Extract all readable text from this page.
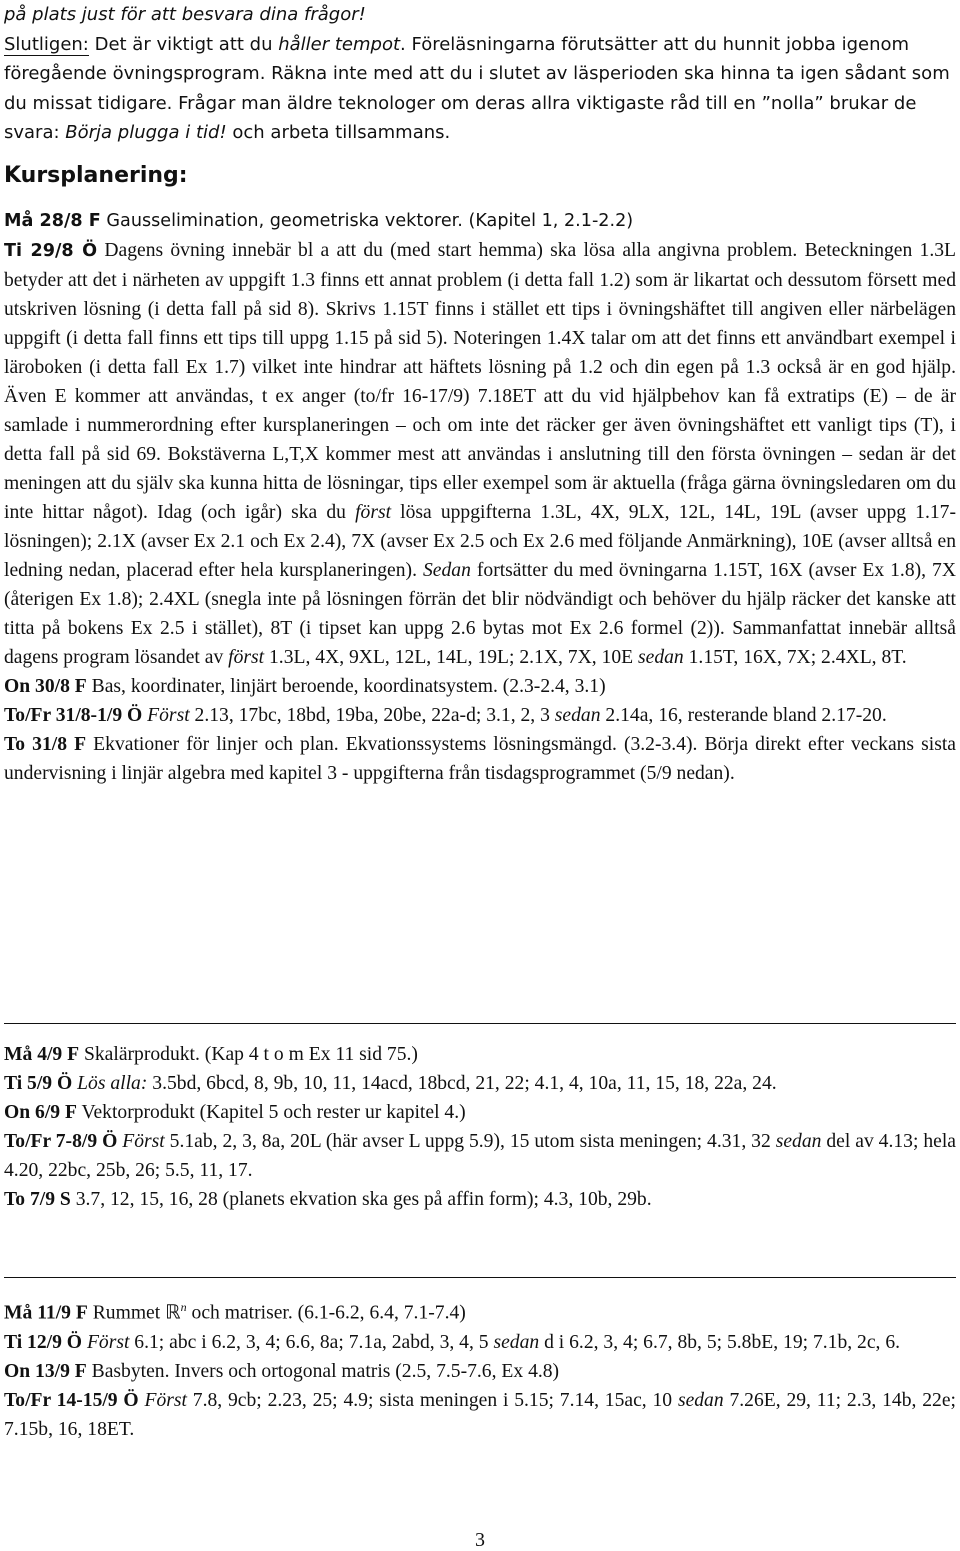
på plats just för att besvara dina frågor!

Slutligen: Det är viktigt att du håller tempot. Föreläsningarna förutsätter att du hunnit jobba igenom föregående övningsprogram. Räkna inte med att du i slutet av läsperioden ska hinna ta igen sådant som du missat tidigare. Frågar man äldre teknologer om deras allra viktigaste råd till en ”nolla” brukar de svara: Börja plugga i tid! och arbeta tillsammans.

Kursplanering:

Må 28/8 F Gausselimination, geometriska vektorer. (Kapitel 1, 2.1-2.2)

Ti 29/8 Ö Dagens övning innebär bl a att du (med start hemma) ska lösa alla angivna problem. Beteckningen 1.3L betyder att det i närheten av uppgift 1.3 finns ett annat problem (i detta fall 1.2) som är likartat och dessutom försett med utskriven lösning (i detta fall på sid 8). Skrivs 1.15T finns i stället ett tips i övningshäftet till angiven eller närbelägen uppgift (i detta fall finns ett tips till uppg 1.15 på sid 5). Noteringen 1.4X talar om att det finns ett användbart exempel i läroboken (i detta fall Ex 1.7) vilket inte hindrar att häftets lösning på 1.2 och din egen på 1.3 också är en god hjälp. Även E kommer att användas, t ex anger (to/fr 16-17/9) 7.18ET att du vid hjälpbehov kan få extratips (E) – de är samlade i nummerordning efter kursplaneringen – och om inte det räcker ger även övningshäftet ett vanligt tips (T), i detta fall på sid 69. Bokstäverna L,T,X kommer mest att användas i anslutning till den första övningen – sedan är det meningen att du själv ska kunna hitta de lösningar, tips eller exempel som är aktuella (fråga gärna övningsledaren om du inte hittar något). Idag (och igår) ska du först lösa uppgifterna 1.3L, 4X, 9LX, 12L, 14L, 19L (avser uppg 1.17-lösningen); 2.1X (avser Ex 2.1 och Ex 2.4), 7X (avser Ex 2.5 och Ex 2.6 med följande Anmärkning), 10E (avser alltså en ledning nedan, placerad efter hela kursplaneringen). Sedan fortsätter du med övningarna 1.15T, 16X (avser Ex 1.8), 7X (återigen Ex 1.8); 2.4XL (snegla inte på lösningen förrän det blir nödvändigt och behöver du hjälp räcker det kanske att titta på bokens Ex 2.5 i stället), 8T (i tipset kan uppg 2.6 bytas mot Ex 2.6 formel (2)). Sammanfattat innebär alltså dagens program lösandet av först 1.3L, 4X, 9XL, 12L, 14L, 19L; 2.1X, 7X, 10E sedan 1.15T, 16X, 7X; 2.4XL, 8T.

On 30/8 F Bas, koordinater, linjärt beroende, koordinatsystem. (2.3-2.4, 3.1)

To/Fr 31/8-1/9 Ö Först 2.13, 17bc, 18bd, 19ba, 20be, 22a-d; 3.1, 2, 3 sedan 2.14a, 16, resterande bland 2.17-20.

To 31/8 F Ekvationer för linjer och plan. Ekvationssystems lösningsmängd. (3.2-3.4). Börja direkt efter veckans sista undervisning i linjär algebra med kapitel 3 - uppgifterna från tisdagsprogrammet (5/9 nedan).

Må 4/9 F Skalärprodukt. (Kap 4 t o m Ex 11 sid 75.)

Ti 5/9 Ö Lös alla: 3.5bd, 6bcd, 8, 9b, 10, 11, 14acd, 18bcd, 21, 22; 4.1, 4, 10a, 11, 15, 18, 22a, 24.

On 6/9 F Vektorprodukt (Kapitel 5 och rester ur kapitel 4.)

To/Fr 7-8/9 Ö Först 5.1ab, 2, 3, 8a, 20L (här avser L uppg 5.9), 15 utom sista meningen; 4.31, 32 sedan del av 4.13; hela 4.20, 22bc, 25b, 26; 5.5, 11, 17.

To 7/9 S 3.7, 12, 15, 16, 28 (planets ekvation ska ges på affin form); 4.3, 10b, 29b.

Må 11/9 F Rummet ℝ$^n$ och matriser. (6.1-6.2, 6.4, 7.1-7.4)

Ti 12/9 Ö Först 6.1; abc i 6.2, 3, 4; 6.6, 8a; 7.1a, 2abd, 3, 4, 5 sedan d i 6.2, 3, 4; 6.7, 8b, 5; 5.8bE, 19; 7.1b, 2c, 6.

On 13/9 F Basbyten. Invers och ortogonal matris (2.5, 7.5-7.6, Ex 4.8)

To/Fr 14-15/9 Ö Först 7.8, 9cb; 2.23, 25; 4.9; sista meningen i 5.15; 7.14, 15ac, 10 sedan 7.26E, 29, 11; 2.3, 14b, 22e; 7.15b, 16, 18ET.

3
